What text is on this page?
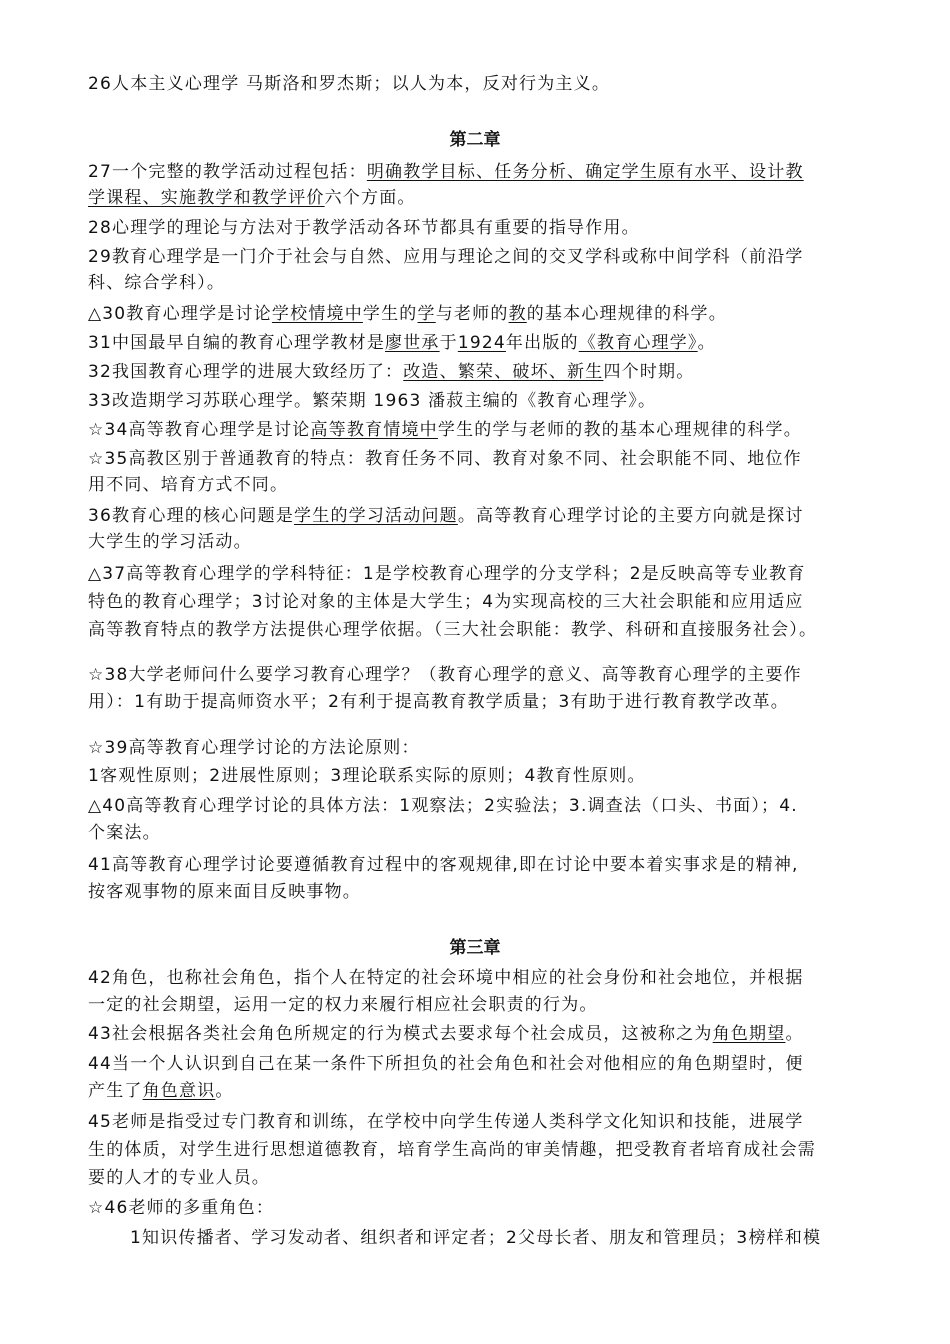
26人本主义心理学 马斯洛和罗杰斯；以人为本，反对行为主义。
第二章
27一个完整的教学活动过程包括：明确教学目标、任务分析、确定学生原有水平、设计教
学课程、实施教学和教学评价六个方面。
28心理学的理论与方法对于教学活动各环节都具有重要的指导作用。
29教育心理学是一门介于社会与自然、应用与理论之间的交叉学科或称中间学科（前沿学
科、综合学科）。
△30教育心理学是讨论学校情境中学生的学与老师的教的基本心理规律的科学。
31中国最早自编的教育心理学教材是廖世承于1924年出版的《教育心理学》。
32我国教育心理学的进展大致经历了：改造、繁荣、破坏、新生四个时期。
33改造期学习苏联心理学。繁荣期 1963 潘菽主编的《教育心理学》。
☆34高等教育心理学是讨论高等教育情境中学生的学与老师的教的基本心理规律的科学。
☆35高教区别于普通教育的特点：教育任务不同、教育对象不同、社会职能不同、地位作
用不同、培育方式不同。
36教育心理的核心问题是学生的学习活动问题。高等教育心理学讨论的主要方向就是探讨
大学生的学习活动。
△37高等教育心理学的学科特征：1是学校教育心理学的分支学科；2是反映高等专业教育
特色的教育心理学；3讨论对象的主体是大学生；4为实现高校的三大社会职能和应用适应
高等教育特点的教学方法提供心理学依据。（三大社会职能：教学、科研和直接服务社会）。
☆38大学老师问什么要学习教育心理学？（教育心理学的意义、高等教育心理学的主要作
用）：1有助于提高师资水平；2有利于提高教育教学质量；3有助于进行教育教学改革。
☆39高等教育心理学讨论的方法论原则：
1客观性原则；2进展性原则；3理论联系实际的原则；4教育性原则。
△40高等教育心理学讨论的具体方法：1观察法；2实验法；3.调查法（口头、书面）；4.
个案法。
41高等教育心理学讨论要遵循教育过程中的客观规律,即在讨论中要本着实事求是的精神,
按客观事物的原来面目反映事物。
第三章
42角色，也称社会角色，指个人在特定的社会环境中相应的社会身份和社会地位，并根据
一定的社会期望，运用一定的权力来履行相应社会职责的行为。
43社会根据各类社会角色所规定的行为模式去要求每个社会成员，这被称之为角色期望。
44当一个人认识到自己在某一条件下所担负的社会角色和社会对他相应的角色期望时，便
产生了角色意识。
45老师是指受过专门教育和训练，在学校中向学生传递人类科学文化知识和技能，进展学
生的体质，对学生进行思想道德教育，培育学生高尚的审美情趣，把受教育者培育成社会需
要的人才的专业人员。
☆46老师的多重角色：
1知识传播者、学习发动者、组织者和评定者；2父母长者、朋友和管理员；3榜样和模
